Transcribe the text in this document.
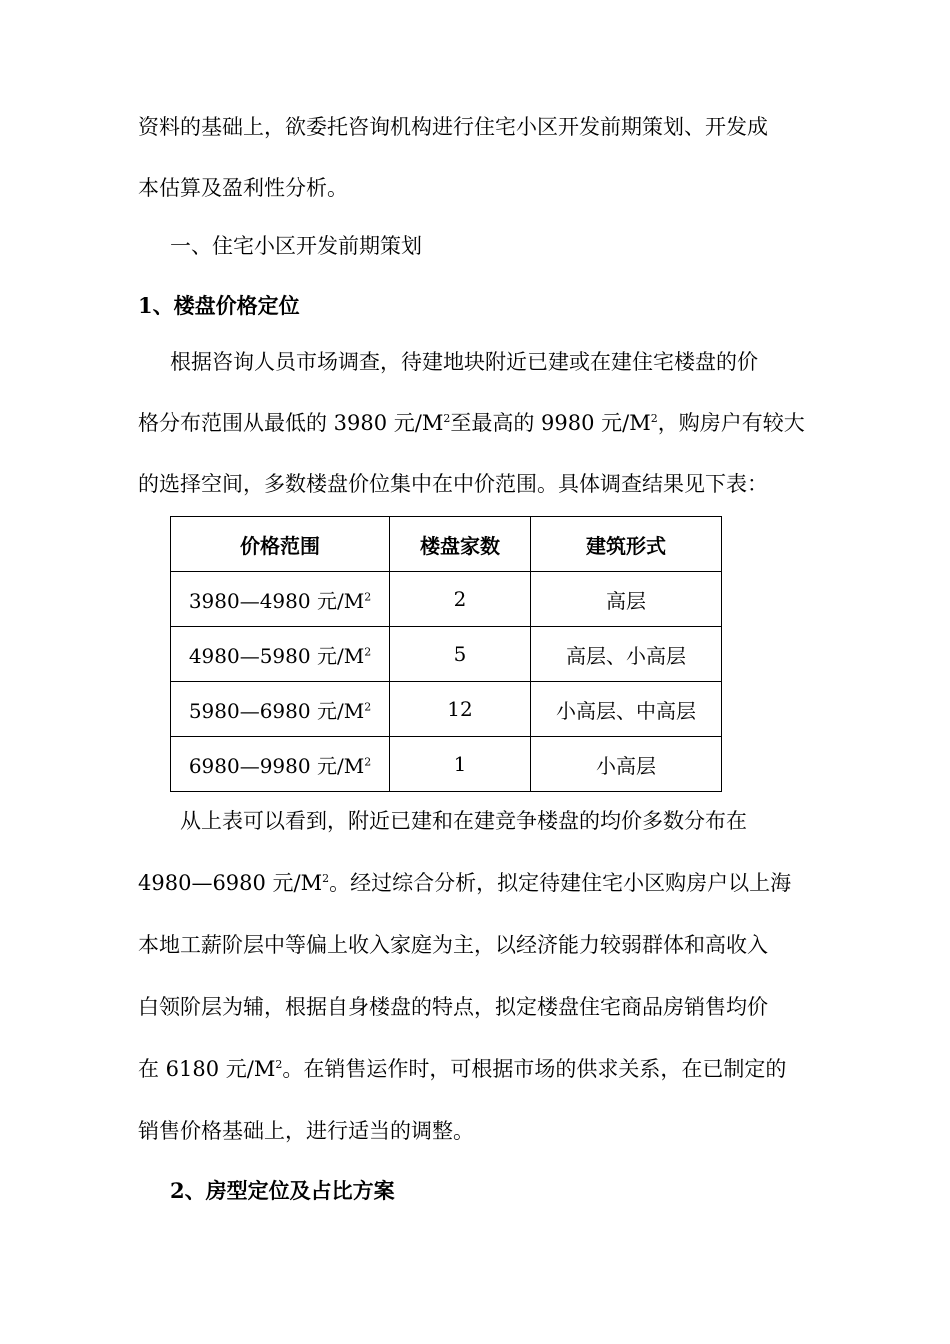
资料的基础上，欲委托咨询机构进行住宅小区开发前期策划、开发成
本估算及盈利性分析。
一、住宅小区开发前期策划
1、楼盘价格定位
根据咨询人员市场调查，待建地块附近已建或在建住宅楼盘的价
格分布范围从最低的 3980 元$/M^2$至最高的 9980 元$/M^2$，购房户有较大
的选择空间，多数楼盘价位集中在中价范围。具体调查结果见下表：
价格范围	楼盘家数	建筑形式
3980—4980 元$/M^2$	2	高层
4980—5980 元$/M^2$	5	高层、小高层
5980—6980 元$/M^2$	12	小高层、中高层
6980—9980 元$/M^2$	1	小高层
从上表可以看到，附近已建和在建竞争楼盘的均价多数分布在
4980—6980 元$/M^2$。经过综合分析，拟定待建住宅小区购房户以上海
本地工薪阶层中等偏上收入家庭为主，以经济能力较弱群体和高收入
白领阶层为辅，根据自身楼盘的特点，拟定楼盘住宅商品房销售均价
在 6180 元$/M^2$。在销售运作时，可根据市场的供求关系，在已制定的
销售价格基础上，进行适当的调整。
2、房型定位及占比方案
